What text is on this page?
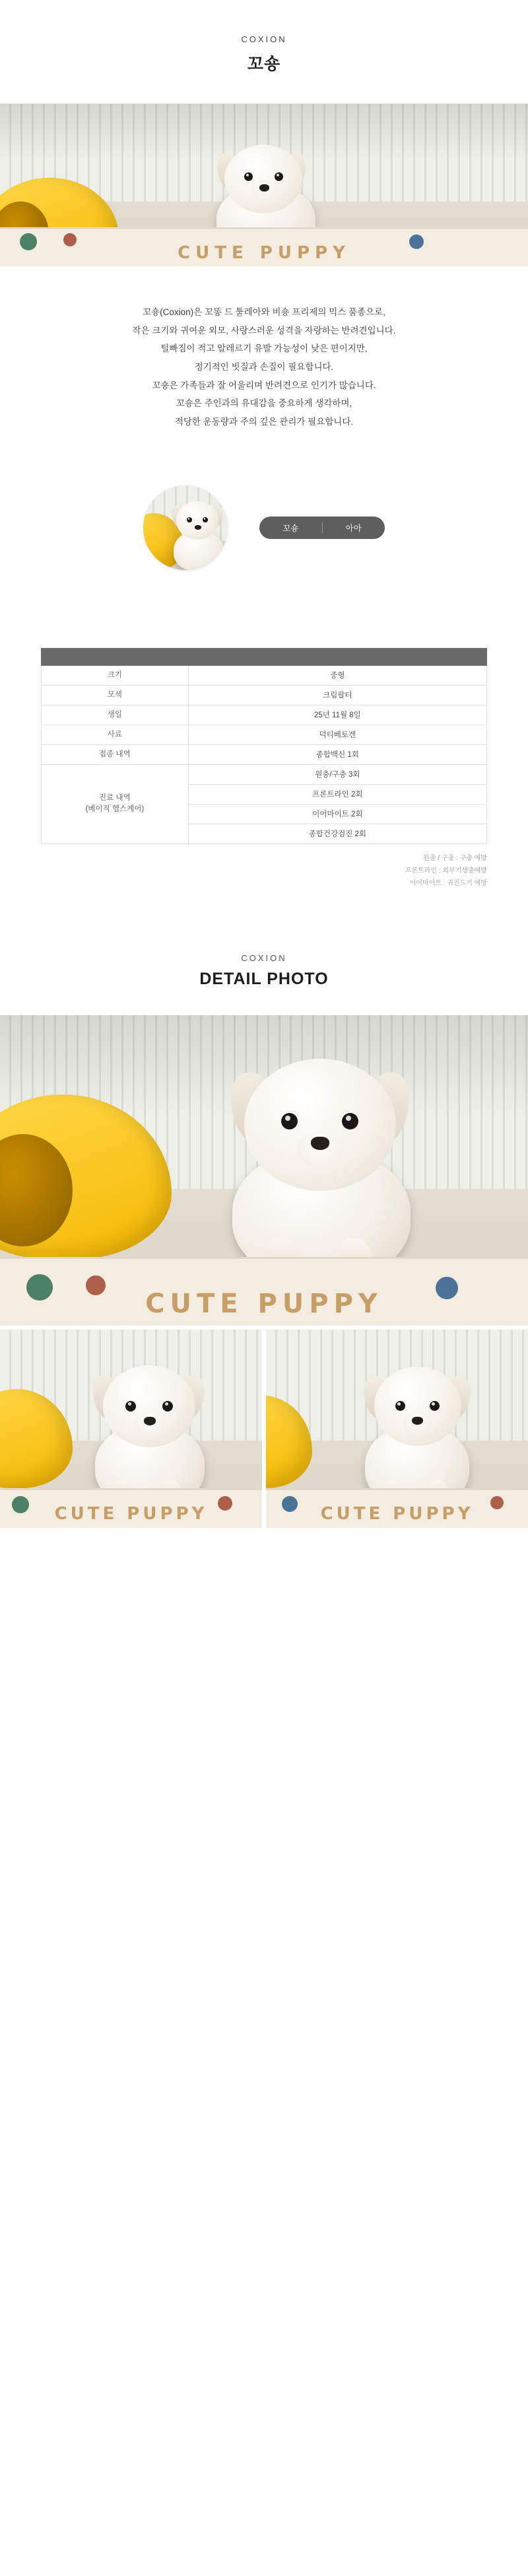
COXION
꼬숑
CUTE PUPPY
꼬숑(Coxion)은 꼬똥 드 툴레아와 비숑 프리제의 믹스 품종으로,
작은 크기와 귀여운 외모, 사랑스러운 성격을 자랑하는 반려견입니다.
털빠짐이 적고 알레르기 유발 가능성이 낮은 편이지만,
정기적인 빗질과 손질이 필요합니다.
꼬숑은 가족들과 잘 어울리며 반려견으로 인기가 많습니다.
꼬숑은 주인과의 유대감을 중요하게 생각하며,
적당한 운동량과 주의 깊은 관리가 필요합니다.
꼬숑	아아

크기	중형
모색	크림팔티
생일	25년 11월 8일
사료	덕티베토겐
접종 내역	종합백신 1회

진료 내역
(베이직 헬스케어)	원충/구충 3회
	프론트라인 2회
	이어마이트 2회
	종합건강검진 2회
원충 / 구충 : 구충 예방
프론트라인 : 외부기생충예방
이어마이트 : 귀진드기 예방
COXION
DETAIL PHOTO
CUTE PUPPY
CUTE PUPPY	CUTE PUPPY
